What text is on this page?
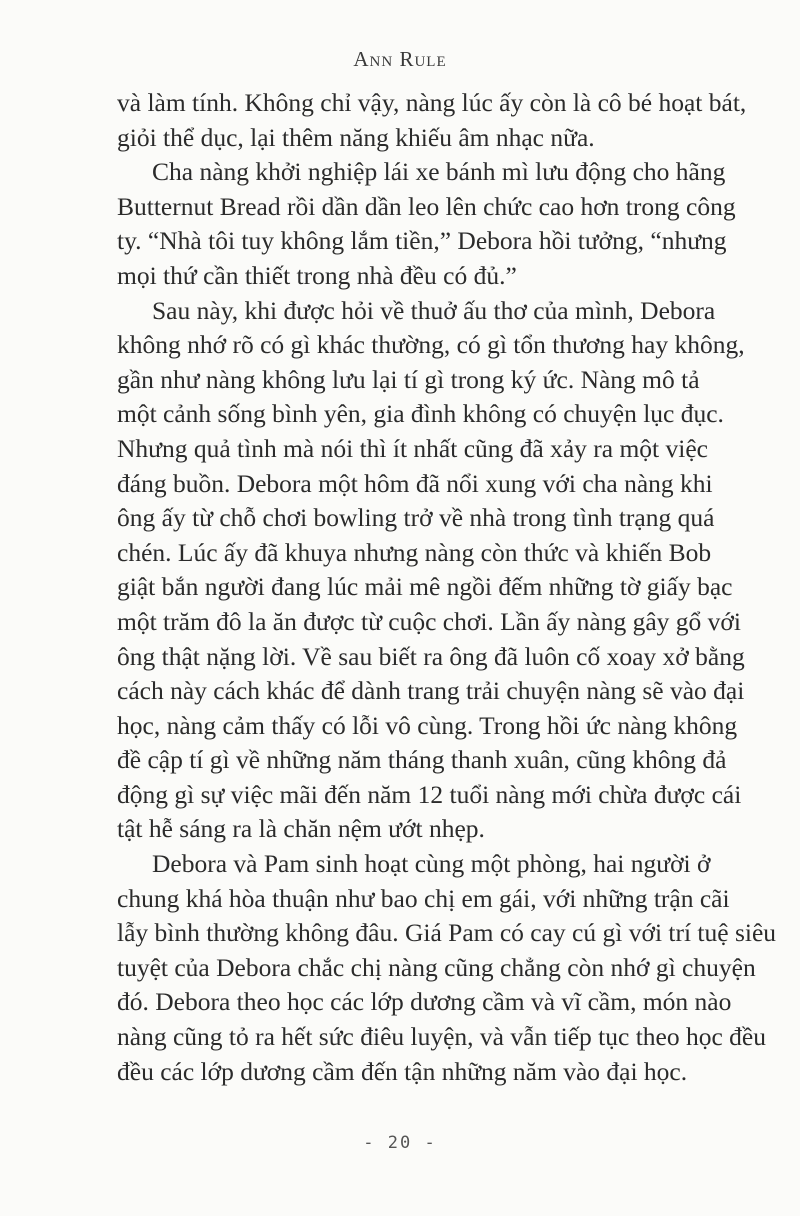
Ann Rule
và làm tính. Không chỉ vậy, nàng lúc ấy còn là cô bé hoạt bát,
giỏi thể dục, lại thêm năng khiếu âm nhạc nữa.
Cha nàng khởi nghiệp lái xe bánh mì lưu động cho hãng
Butternut Bread rồi dần dần leo lên chức cao hơn trong công
ty. “Nhà tôi tuy không lắm tiền,” Debora hồi tưởng, “nhưng
mọi thứ cần thiết trong nhà đều có đủ.”
Sau này, khi được hỏi về thuở ấu thơ của mình, Debora
không nhớ rõ có gì khác thường, có gì tổn thương hay không,
gần như nàng không lưu lại tí gì trong ký ức. Nàng mô tả
một cảnh sống bình yên, gia đình không có chuyện lục đục.
Nhưng quả tình mà nói thì ít nhất cũng đã xảy ra một việc
đáng buồn. Debora một hôm đã nổi xung với cha nàng khi
ông ấy từ chỗ chơi bowling trở về nhà trong tình trạng quá
chén. Lúc ấy đã khuya nhưng nàng còn thức và khiến Bob
giật bắn người đang lúc mải mê ngồi đếm những tờ giấy bạc
một trăm đô la ăn được từ cuộc chơi. Lần ấy nàng gây gổ với
ông thật nặng lời. Về sau biết ra ông đã luôn cố xoay xở bằng
cách này cách khác để dành trang trải chuyện nàng sẽ vào đại
học, nàng cảm thấy có lỗi vô cùng. Trong hồi ức nàng không
đề cập tí gì về những năm tháng thanh xuân, cũng không đả
động gì sự việc mãi đến năm 12 tuổi nàng mới chừa được cái
tật hễ sáng ra là chăn nệm ướt nhẹp.
Debora và Pam sinh hoạt cùng một phòng, hai người ở
chung khá hòa thuận như bao chị em gái, với những trận cãi
lẫy bình thường không đâu. Giá Pam có cay cú gì với trí tuệ siêu
tuyệt của Debora chắc chị nàng cũng chẳng còn nhớ gì chuyện
đó. Debora theo học các lớp dương cầm và vĩ cầm, món nào
nàng cũng tỏ ra hết sức điêu luyện, và vẫn tiếp tục theo học đều
đều các lớp dương cầm đến tận những năm vào đại học.
- 20 -
